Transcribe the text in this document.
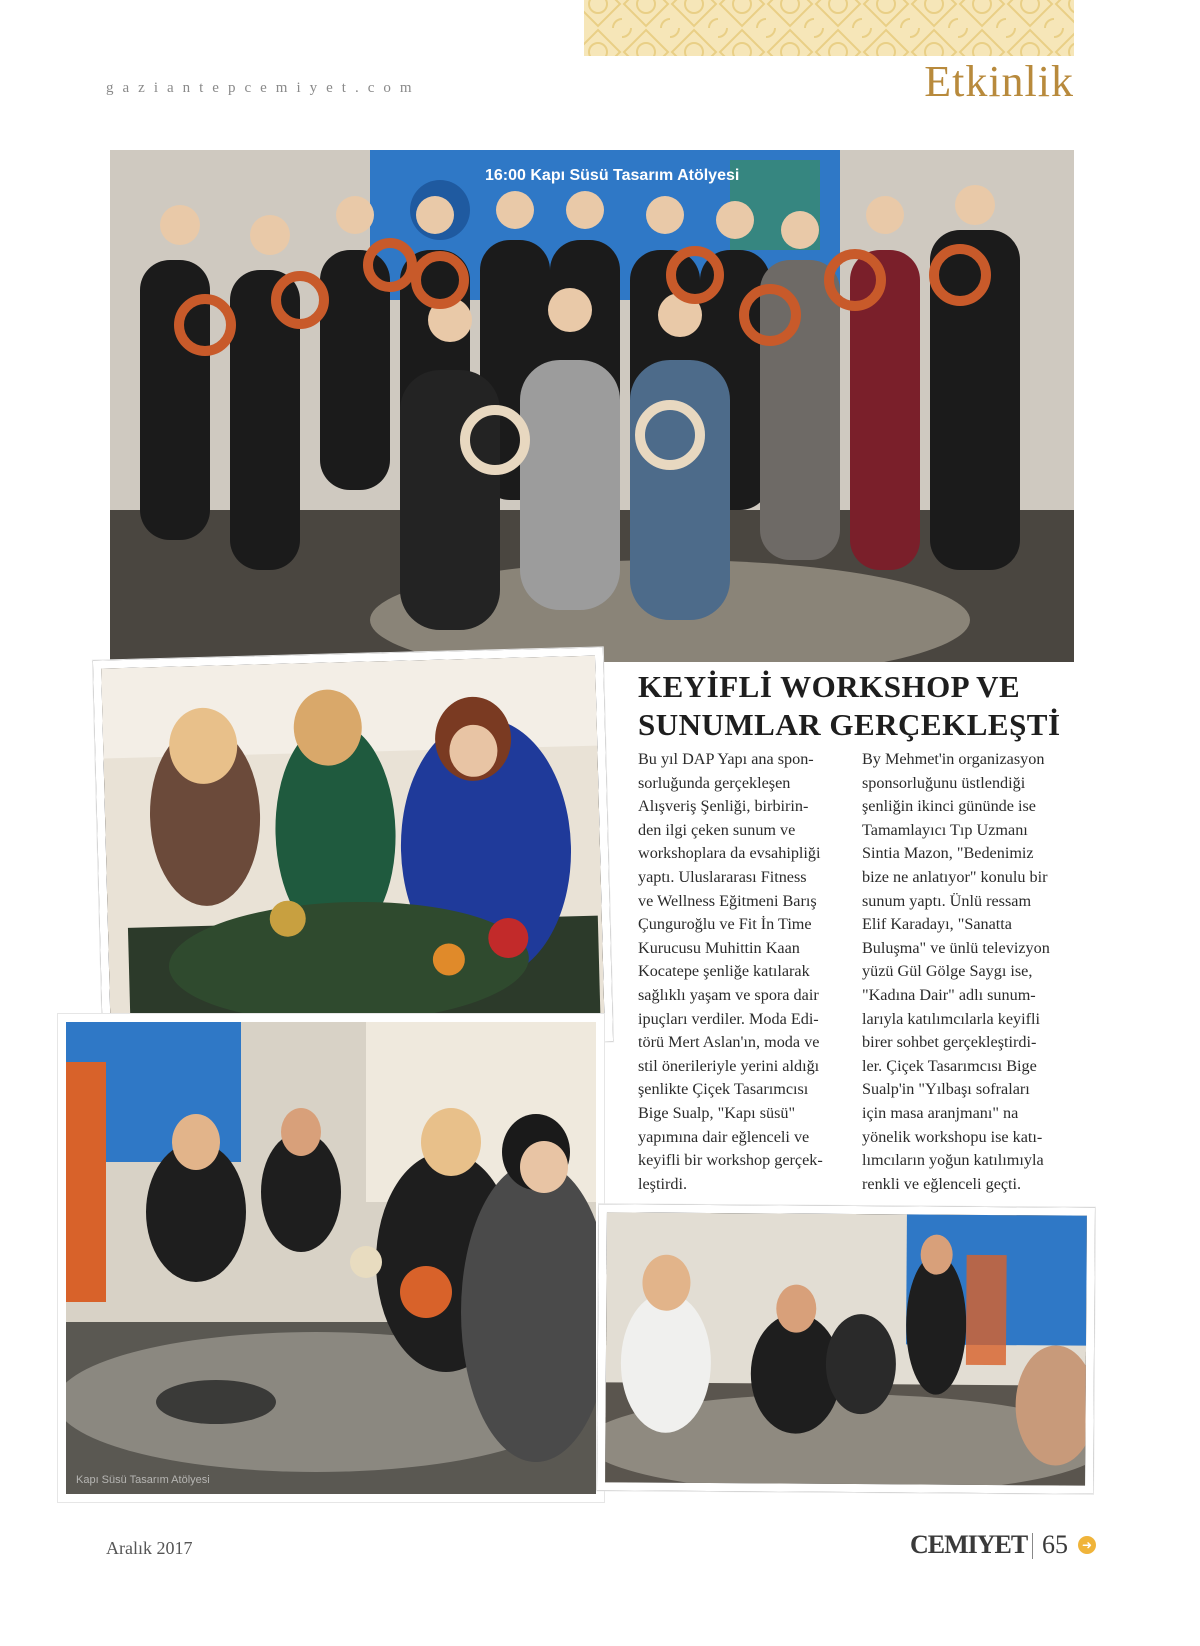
gaziantepcemiyet.com	Etkinlik
16:00 Kapı Süsü Tasarım Atölyesi
Kapı Süsü Tasarım Atölyesi
KEYİFLİ WORKSHOP VE
SUNUMLAR GERÇEKLEŞTİ
Bu yıl DAP Yapı ana spon-
sorluğunda gerçekleşen
Alışveriş Şenliği, birbirin-
den ilgi çeken sunum ve
workshoplara da evsahipliği
yaptı. Uluslararası Fitness
ve Wellness Eğitmeni Barış
Çunguroğlu ve Fit İn Time
Kurucusu Muhittin Kaan
Kocatepe şenliğe katılarak
sağlıklı yaşam ve spora dair
ipuçları verdiler. Moda Edi-
törü Mert Aslan'ın, moda ve
stil önerileriyle yerini aldığı
şenlikte Çiçek Tasarımcısı
Bige Sualp, "Kapı süsü"
yapımına dair eğlenceli ve
keyifli bir workshop gerçek-
leştirdi.
By Mehmet'in organizasyon
sponsorluğunu üstlendiği
şenliğin ikinci gününde ise
Tamamlayıcı Tıp Uzmanı
Sintia Mazon, "Bedenimiz
bize ne anlatıyor" konulu bir
sunum yaptı. Ünlü ressam
Elif Karadayı, "Sanatta
Buluşma" ve ünlü televizyon
yüzü Gül Gölge Saygı ise,
"Kadına Dair" adlı sunum-
larıyla katılımcılarla keyifli
birer sohbet gerçekleştirdi-
ler. Çiçek Tasarımcısı Bige
Sualp'in "Yılbaşı sofraları
için masa aranjmanı" na
yönelik workshopu ise katı-
lımcıların yoğun katılımıyla
renkli ve eğlenceli geçti.
Aralık 2017	CEMIYET 65	➜
